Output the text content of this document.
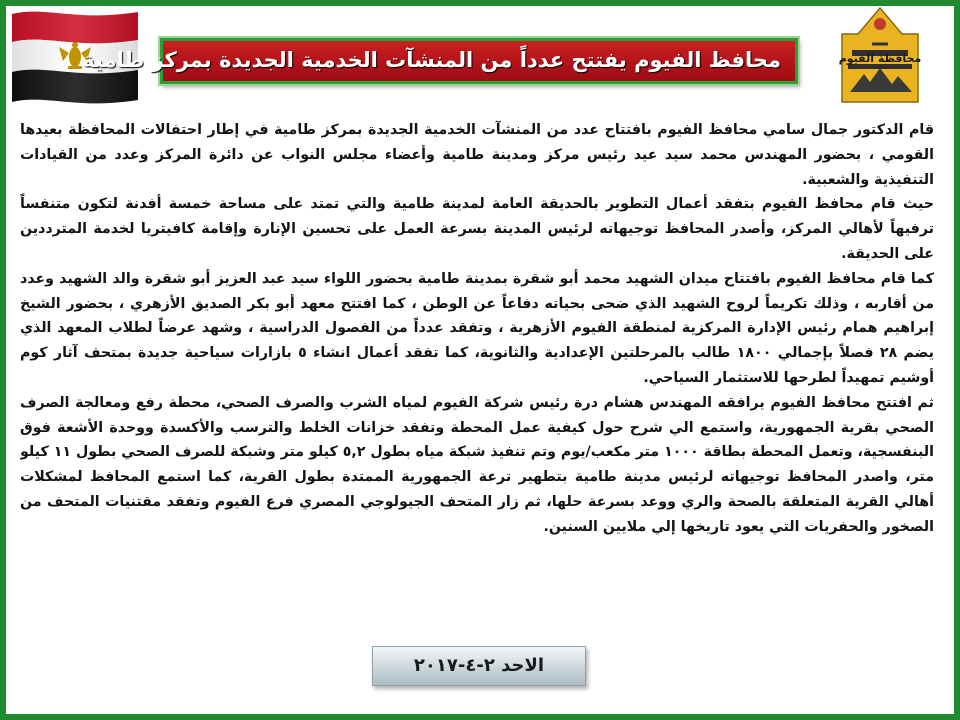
محافظة الفيوم
محافظ الفيوم يفتتح عدداً من المنشآت الخدمية الجديدة بمركز طامية

قام الدكتور جمال سامي محافظ الفيوم بافتتاح عدد من المنشآت الخدمية الجديدة بمركز طامية في إطار احتفالات المحافظة بعيدها القومي ، بحضور المهندس محمد سيد عيد رئيس مركز ومدينة طامية وأعضاء مجلس النواب عن دائرة المركز وعدد من القيادات التنفيذية والشعبية.

حيث قام محافظ الفيوم بتفقد أعمال التطوير بالحديقة العامة لمدينة طامية والتي تمتد على مساحة خمسة أفدنة لتكون متنفساً ترفيهاً لأهالي المركز، وأصدر المحافظ توجيهاته لرئيس المدينة بسرعة العمل على تحسين الإنارة وإقامة كافيتريا لخدمة المترددين على الحديقة.

كما قام محافظ الفيوم بافتتاح ميدان الشهيد محمد أبو شقرة بمدينة طامية بحضور اللواء سيد عبد العزيز أبو شقرة والد الشهيد وعدد من أقاربه ، وذلك تكريماً لروح الشهيد الذي ضحى بحياته دفاعاً عن الوطن ، كما افتتح معهد أبو بكر الصديق الأزهري ، بحضور الشيخ إبراهيم همام رئيس الإدارة المركزية لمنطقة الفيوم الأزهرية ، وتفقد عدداً من الفصول الدراسية ، وشهد عرضاً لطلاب المعهد الذي يضم ٢٨ فصلاً بإجمالي ١٨٠٠ طالب بالمرحلتين الإعدادية والثانوية، كما تفقد أعمال انشاء ٥ بازارات سياحية جديدة بمتحف آثار كوم أوشيم تمهيداً لطرحها للاستثمار السياحي.

ثم افتتح محافظ الفيوم يرافقه المهندس هشام درة رئيس شركة الفيوم لمياه الشرب والصرف الصحي، محطة رفع ومعالجة الصرف الصحي بقرية الجمهورية، واستمع الي شرح حول كيفية عمل المحطة وتفقد خزانات الخلط والترسب والأكسدة ووحدة الأشعة فوق البنفسجية، وتعمل المحطة بطاقة ١٠٠٠ متر مكعب/يوم وتم تنفيذ شبكة مياه بطول ٥,٢ كيلو متر وشبكة للصرف الصحي بطول ١١ كيلو متر، واصدر المحافظ توجيهاته لرئيس مدينة طامية بتطهير ترعة الجمهورية الممتدة بطول القرية، كما استمع المحافظ لمشكلات أهالي القرية المتعلقة بالصحة والري ووعد بسرعة حلها، ثم زار المتحف الجيولوجي المصري فرع الفيوم وتفقد مقتنيات المتحف من الصخور والحفريات التي يعود تاريخها إلي ملايين السنين.

الاحد ٢-٤-٢٠١٧
